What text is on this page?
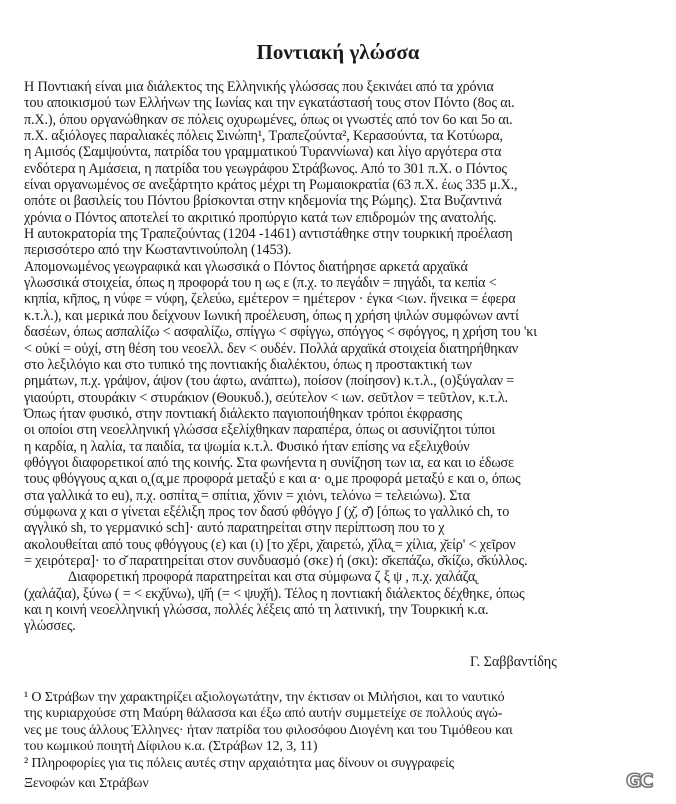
Ποντιακή γλώσσα
Η Ποντιακή είναι μια διάλεκτος της Ελληνικής γλώσσας που ξεκινάει από τα χρόνια
του αποικισμού των Ελλήνων της Ιωνίας και την εγκατάστασή τους στον Πόντο (8ος αι.
π.Χ.), όπου οργανώθηκαν σε πόλεις οχυρωμένες, όπως οι γνωστές από τον 6ο και 5ο αι.
π.Χ. αξιόλογες παραλιακές πόλεις Σινώπη¹, Τραπεζούντα², Κερασούντα, τα Κοτύωρα,
η Αμισός (Σαμψούντα, πατρίδα του γραμματικού Τυραννίωνα) και λίγο αργότερα στα
ενδότερα η Αμάσεια, η πατρίδα του γεωγράφου Στράβωνος. Από το 301 π.Χ. ο Πόντος
είναι οργανωμένος σε ανεξάρτητο κράτος μέχρι τη Ρωμαιοκρατία (63 π.Χ. έως 335 μ.Χ.,
οπότε οι βασιλείς του Πόντου βρίσκονται στην κηδεμονία της Ρώμης). Στα Βυζαντινά
χρόνια ο Πόντος αποτελεί το ακριτικό προπύργιο κατά των επιδρομών της ανατολής.
Η αυτοκρατορία της Τραπεζούντας (1204 -1461) αντιστάθηκε στην τουρκική προέλαση
περισσότερο από την Κωσταντινούπολη (1453).
Απομονωμένος γεωγραφικά και γλωσσικά ο Πόντος διατήρησε αρκετά αρχαϊκά
γλωσσικά στοιχεία, όπως η προφορά του η ως ε (π.χ. το πεγάδιν = πηγάδι, τα κεπία <
κηπία, κῆπος, η νύφε = νύφη, ζελεύω, εμέτερον = ημέτερον · έγκα <ιων. ἥνεικα = έφερα
κ.τ.λ.), και μερικά που δείχνουν Ιωνική προέλευση, όπως η χρήση ψιλών συμφώνων αντί
δασέων, όπως ασπαλίζω < ασφαλίζω, σπίγγω < σφίγγω, σπόγγος < σφόγγος, η χρήση του 'κι
< οὐκί = οὐχί, στη θέση του νεοελλ. δεν < ουδέν. Πολλά αρχαϊκά στοιχεία διατηρήθηκαν
στο λεξιλόγιο και στο τυπικό της ποντιακής διαλέκτου, όπως η προστακτική των
ρημάτων, π.χ. γράψον, άψον (του άφτω, ανάπτω), ποίσον (ποίησον) κ.τ.λ., (ο)ξύγαλαν =
γιαούρτι, στουράκιν < στυράκιον (Θουκυδ.), σεύτελον < ιων. σεῦτλον = τεῦτλον, κ.τ.λ.
Όπως ήταν φυσικό, στην ποντιακή διάλεκτο παγιοποιήθηκαν τρόποι έκφρασης
οι οποίοι στη νεοελληνική γλώσσα εξελίχθηκαν παραπέρα, όπως οι ασυνίζητοι τύποι
η καρδία, η λαλία, τα παιδία, τα ψωμία κ.τ.λ. Φυσικό ήταν επίσης να εξελιχθούν
φθόγγοι διαφορετικοί από της κοινής. Στα φωνήεντα η συνίζηση των ια, εα και ιο έδωσε
τους φθόγγους α̢ και ο̢ (α̢ με προφορά μεταξύ ε και α· ο̢ με προφορά μεταξύ ε και ο, όπως
στα γαλλικά το eu), π.χ. οσπίτα̢ = σπίτια, χ̆όνιν = χιόνι, τελόνω = τελειώνω). Στα
σύμφωνα χ και σ γίνεται εξέλιξη προς τον δασύ φθόγγο ʃ (χ̆, σ̆) [όπως το γαλλικό ch, το
αγγλικό sh, το γερμανικό sch]· αυτό παρατηρείται στην περίπτωση που το χ
ακολουθείται από τους φθόγγους (ε) και (ι) [το χ̆έρι, χ̆αιρετώ, χ̆ίλα̢ = χίλια, χ̆είρ' < χεῖρον
= χειρότερα]· το σ̆ παρατηρείται στον συνδυασμό (σκε) ή (σκι): σ̆κεπάζω, σ̆κίζω, σ̆κύλλος.
Διαφορετική προφορά παρατηρείται και στα σύμφωνα ζ ξ ψ , π.χ. χαλάζα̢
(χαλάζια), ξύνω ( = < εκχ̆ύνω), ψ̆ή (= < ψυχ̆ή). Τέλος η ποντιακή διάλεκτος δέχθηκε, όπως
και η κοινή νεοελληνική γλώσσα, πολλές λέξεις από τη λατινική, την Τουρκική κ.α.
γλώσσες.
Γ. Σαββαντίδης
¹ Ο Στράβων την χαρακτηρίζει αξιολογωτάτην, την έκτισαν οι Μιλήσιοι, και το ναυτικό
της κυριαρχούσε στη Μαύρη θάλασσα και έξω από αυτήν συμμετείχε σε πολλούς αγώ-
νες με τους άλλους Έλληνες· ήταν πατρίδα του φιλοσόφου Διογένη και του Τιμόθεου και
του κωμικού ποιητή Δίφιλου κ.α. (Στράβων 12, 3, 11)
² Πληροφορίες για τις πόλεις αυτές στην αρχαιότητα μας δίνουν οι συγγραφείς
Ξενοφών και Στράβων	GC
